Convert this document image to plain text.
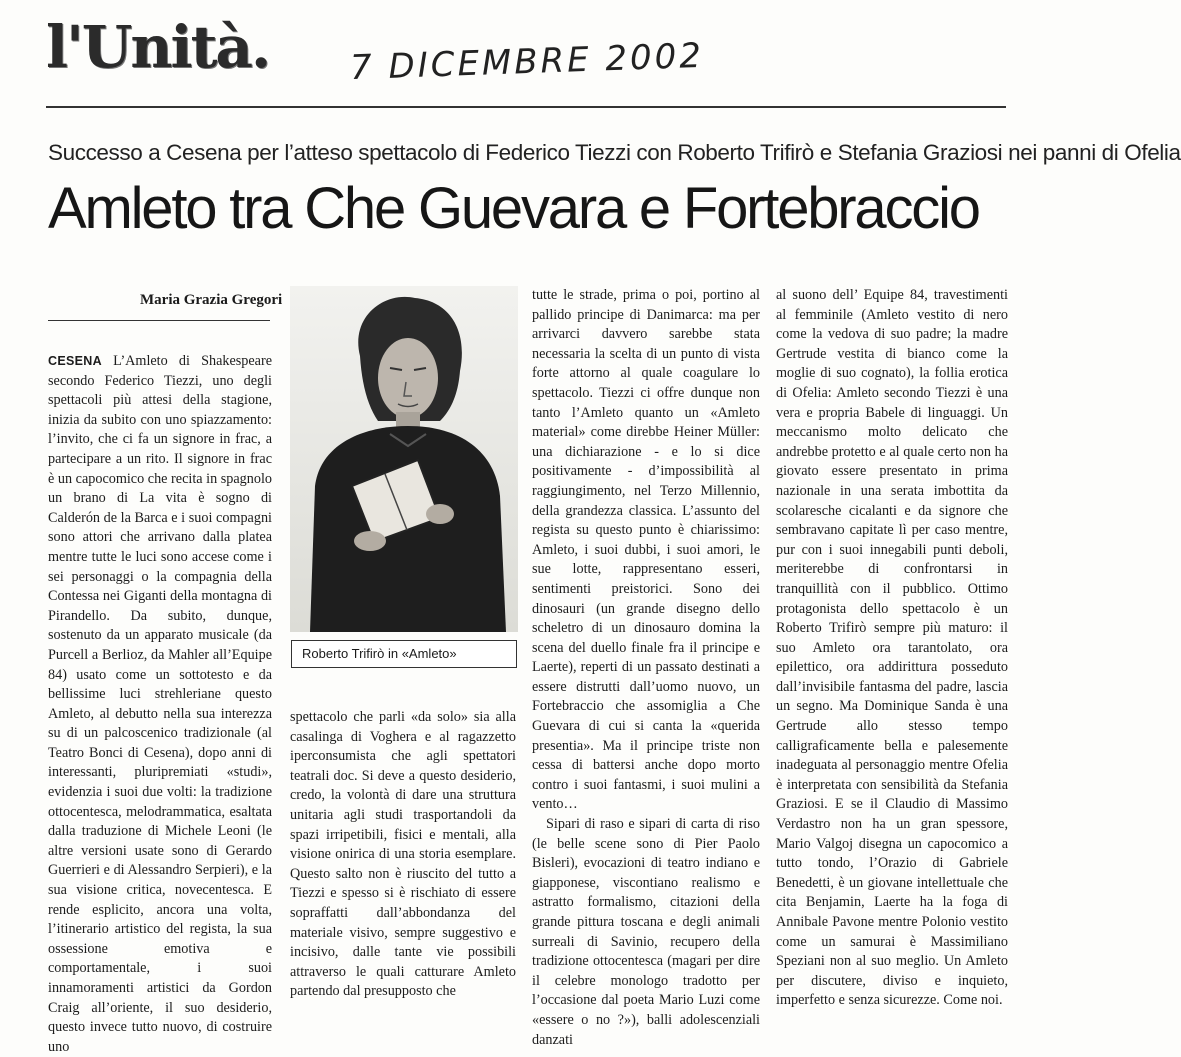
l'Unità. 7 DICEMBRE 2002
Successo a Cesena per l’atteso spettacolo di Federico Tiezzi con Roberto Trifirò e Stefania Graziosi nei panni di Ofelia
Amleto tra Che Guevara e Fortebraccio
Maria Grazia Gregori

CESENA L’Amleto di Shakespeare secondo Federico Tiezzi, uno degli spettacoli più attesi della stagione, inizia da subito con uno spiazzamento: l’invito, che ci fa un signore in frac, a partecipare a un rito. Il signore in frac è un capocomico che recita in spagnolo un brano di La vita è sogno di Calderón de la Barca e i suoi compagni sono attori che arrivano dalla platea mentre tutte le luci sono accese come i sei personaggi o la compagnia della Contessa nei Giganti della montagna di Pirandello. Da subito, dunque, sostenuto da un apparato musicale (da Purcell a Berlioz, da Mahler all’Equipe 84) usato come un sottotesto e da bellissime luci strehleriane questo Amleto, al debutto nella sua interezza su di un palcoscenico tradizionale (al Teatro Bonci di Cesena), dopo anni di interessanti, pluripremiati «studi», evidenzia i suoi due volti: la tradizione ottocentesca, melodrammatica, esaltata dalla traduzione di Michele Leoni (le altre versioni usate sono di Gerardo Guerrieri e di Alessandro Serpieri), e la sua visione critica, novecentesca. E rende esplicito, ancora una volta, l’itinerario artistico del regista, la sua ossessione emotiva e comportamentale, i suoi innamoramenti artistici da Gordon Craig all’oriente, il suo desiderio, questo invece tutto nuovo, di costruire uno

Roberto Trifirò in «Amleto»

spettacolo che parli «da solo» sia alla casalinga di Voghera e al ragazzetto iperconsumista che agli spettatori teatrali doc. Si deve a questo desiderio, credo, la volontà di dare una struttura unitaria agli studi trasportandoli da spazi irripetibili, fisici e mentali, alla visione onirica di una storia esemplare. Questo salto non è riuscito del tutto a Tiezzi e spesso si è rischiato di essere sopraffatti dall’abbondanza del materiale visivo, sempre suggestivo e incisivo, dalle tante vie possibili attraverso le quali catturare Amleto partendo dal presupposto che

tutte le strade, prima o poi, portino al pallido principe di Danimarca: ma per arrivarci davvero sarebbe stata necessaria la scelta di un punto di vista forte attorno al quale coagulare lo spettacolo. Tiezzi ci offre dunque non tanto l’Amleto quanto un «Amleto material» come direbbe Heiner Müller: una dichiarazione - e lo si dice positivamente - d’impossibilità al raggiungimento, nel Terzo Millennio, della grandezza classica. L’assunto del regista su questo punto è chiarissimo: Amleto, i suoi dubbi, i suoi amori, le sue lotte, rappresentano esseri, sentimenti preistorici. Sono dei dinosauri (un grande disegno dello scheletro di un dinosauro domina la scena del duello finale fra il principe e Laerte), reperti di un passato destinati a essere distrutti dall’uomo nuovo, un Fortebraccio che assomiglia a Che Guevara di cui si canta la «querida presentia». Ma il principe triste non cessa di battersi anche dopo morto contro i suoi fantasmi, i suoi mulini a vento…

Sipari di raso e sipari di carta di riso (le belle scene sono di Pier Paolo Bisleri), evocazioni di teatro indiano e giapponese, viscontiano realismo e astratto formalismo, citazioni della grande pittura toscana e degli animali surreali di Savinio, recupero della tradizione ottocentesca (magari per dire il celebre monologo tradotto per l’occasione dal poeta Mario Luzi come «essere o no ?»), balli adolescenziali danzati

al suono dell’ Equipe 84, travestimenti al femminile (Amleto vestito di nero come la vedova di suo padre; la madre Gertrude vestita di bianco come la moglie di suo cognato), la follia erotica di Ofelia: Amleto secondo Tiezzi è una vera e propria Babele di linguaggi. Un meccanismo molto delicato che andrebbe protetto e al quale certo non ha giovato essere presentato in prima nazionale in una serata imbottita da scolaresche cicalanti e da signore che sembravano capitate lì per caso mentre, pur con i suoi innegabili punti deboli, meriterebbe di confrontarsi in tranquillità con il pubblico. Ottimo protagonista dello spettacolo è un Roberto Trifirò sempre più maturo: il suo Amleto ora tarantolato, ora epilettico, ora addirittura posseduto dall’invisibile fantasma del padre, lascia un segno. Ma Dominique Sanda è una Gertrude allo stesso tempo calligraficamente bella e palesemente inadeguata al personaggio mentre Ofelia è interpretata con sensibilità da Stefania Graziosi. E se il Claudio di Massimo Verdastro non ha un gran spessore, Mario Valgoj disegna un capocomico a tutto tondo, l’Orazio di Gabriele Benedetti, è un giovane intellettuale che cita Benjamin, Laerte ha la foga di Annibale Pavone mentre Polonio vestito come un samurai è Massimiliano Speziani non al suo meglio. Un Amleto per discutere, diviso e inquieto, imperfetto e senza sicurezze. Come noi.
